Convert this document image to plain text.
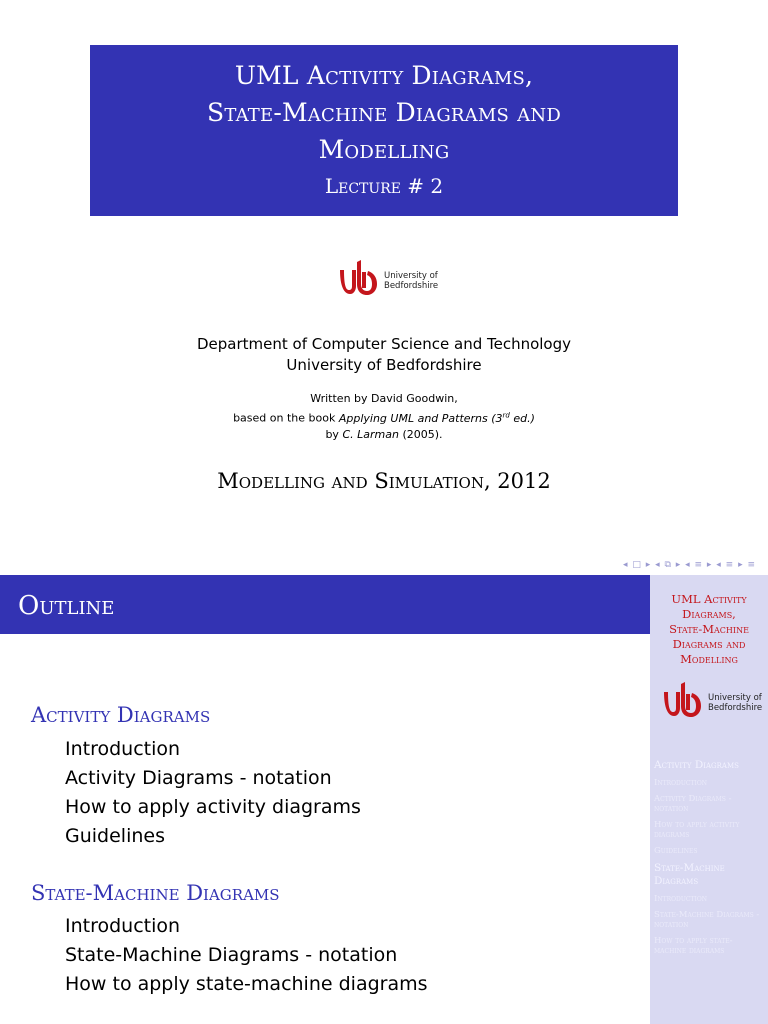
UML Activity Diagrams,
State-Machine Diagrams and
Modelling
Lecture # 2
University of
Bedfordshire
Department of Computer Science and Technology
University of Bedfordshire
Written by David Goodwin,
based on the book Applying UML and Patterns (3rd ed.)
by C. Larman (2005).
Modelling and Simulation, 2012
◂ □ ▸ ◂ ⧉ ▸ ◂ ≡ ▸ ◂ ≡ ▸ ≡
Outline	UML Activity
Diagrams,
State-Machine
Diagrams and
Modelling
University of
Bedfordshire
Activity Diagrams
Introduction
Activity Diagrams - notation
How to apply activity diagrams
Guidelines
State-Machine Diagrams
Introduction
State-Machine Diagrams - notation
How to apply state-machine diagrams
Activity Diagrams
Introduction
Activity Diagrams - notation
How to apply activity diagrams
Guidelines
State-Machine Diagrams
Introduction
State-Machine Diagrams - notation
How to apply state-machine diagrams
